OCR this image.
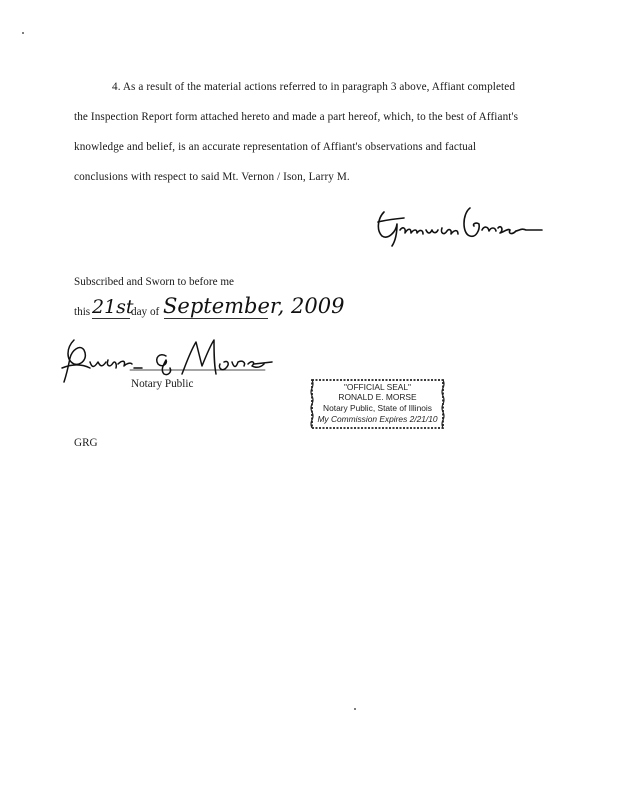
4. As a result of the material actions referred to in paragraph 3 above, Affiant completed
the Inspection Report form attached hereto and made a part hereof, which, to the best of Affiant's
knowledge and belief, is an accurate representation of Affiant's observations and factual
conclusions with respect to said Mt. Vernon / Ison, Larry M.
Subscribed and Sworn to before me
this 21st
day of September, 2009
Notary Public	"OFFICIAL SEAL"
RONALD E. MORSE
Notary Public, State of Illinois
My Commission Expires 2/21/10
GRG
